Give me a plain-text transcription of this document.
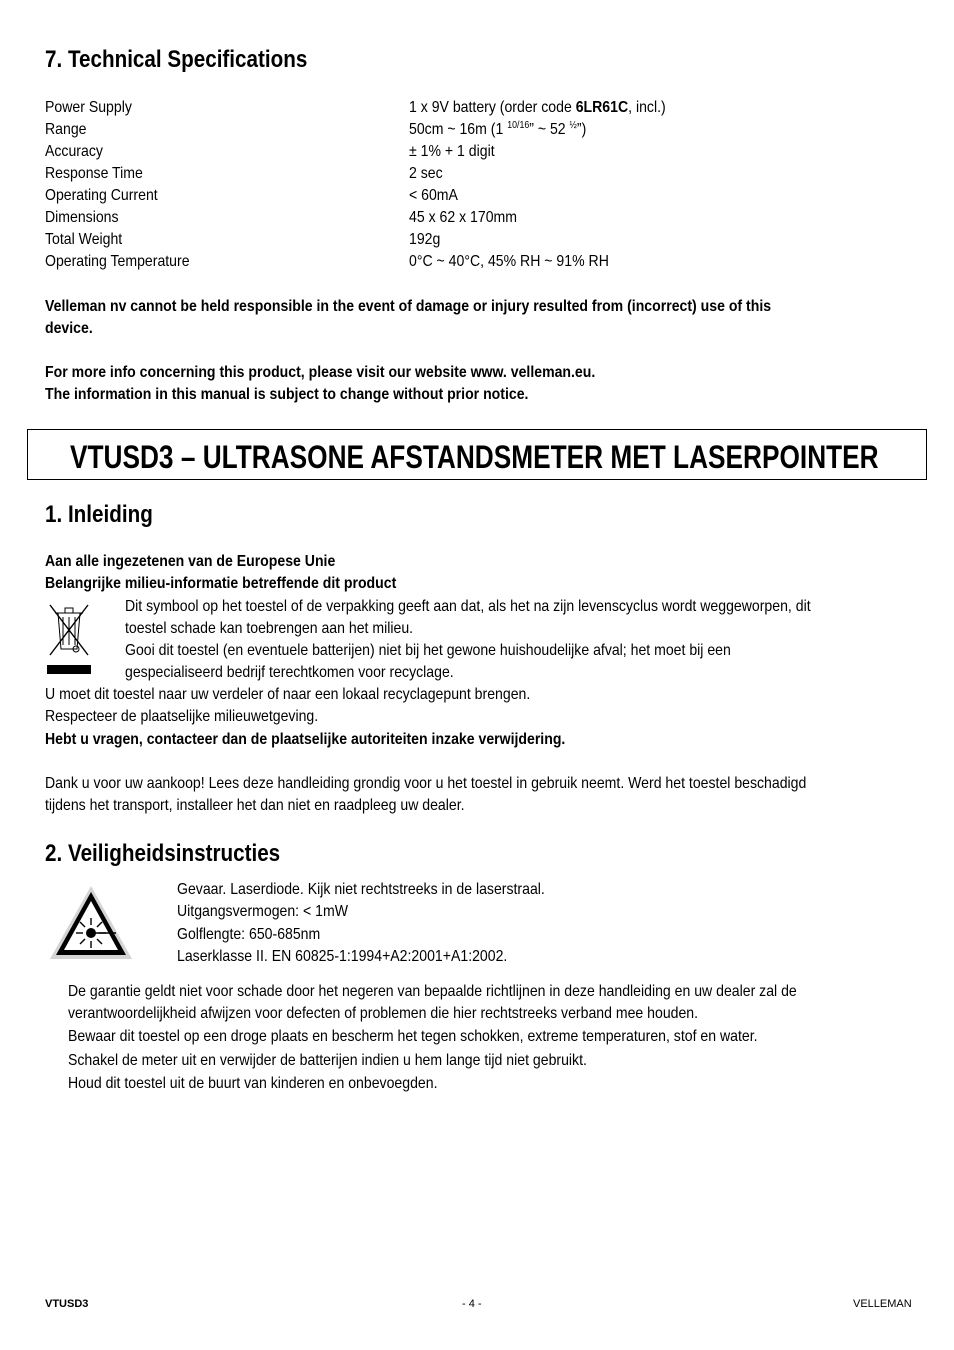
7. Technical Specifications
Power Supply	1 x 9V battery (order code 6LR61C, incl.)
Range	50cm ~ 16m (1 $^{10/16}$” ~ 52 $^{\frac{1}{2}}$”)
Accuracy	± 1% + 1 digit
Response Time	2 sec
Operating Current	< 60mA
Dimensions	45 x 62 x 170mm
Total Weight	192g
Operating Temperature	0°C ~ 40°C, 45% RH ~ 91% RH
Velleman nv cannot be held responsible in the event of damage or injury resulted from (incorrect) use of this
device.
For more info concerning this product, please visit our website www. velleman.eu.
The information in this manual is subject to change without prior notice.
VTUSD3 – ULTRASONE AFSTANDSMETER MET LASERPOINTER
1. Inleiding
Aan alle ingezetenen van de Europese Unie
Belangrijke milieu-informatie betreffende dit product
Dit symbool op het toestel of de verpakking geeft aan dat, als het na zijn levenscyclus wordt weggeworpen, dit
toestel schade kan toebrengen aan het milieu.
Gooi dit toestel (en eventuele batterijen) niet bij het gewone huishoudelijke afval; het moet bij een
gespecialiseerd bedrijf terechtkomen voor recyclage.
U moet dit toestel naar uw verdeler of naar een lokaal recyclagepunt brengen.
Respecteer de plaatselijke milieuwetgeving.
Hebt u vragen, contacteer dan de plaatselijke autoriteiten inzake verwijdering.
Dank u voor uw aankoop! Lees deze handleiding grondig voor u het toestel in gebruik neemt. Werd het toestel beschadigd
tijdens het transport, installeer het dan niet en raadpleeg uw dealer.
2. Veiligheidsinstructies
Gevaar. Laserdiode. Kijk niet rechtstreeks in de laserstraal.
Uitgangsvermogen: < 1mW
Golflengte: 650-685nm
Laserklasse II. EN 60825-1:1994+A2:2001+A1:2002.
De garantie geldt niet voor schade door het negeren van bepaalde richtlijnen in deze handleiding en uw dealer zal de
verantwoordelijkheid afwijzen voor defecten of problemen die hier rechtstreeks verband mee houden.
Bewaar dit toestel op een droge plaats en bescherm het tegen schokken, extreme temperaturen, stof en water.
Schakel de meter uit en verwijder de batterijen indien u hem lange tijd niet gebruikt.
Houd dit toestel uit de buurt van kinderen en onbevoegden.
VTUSD3	- 4 -	VELLEMAN
